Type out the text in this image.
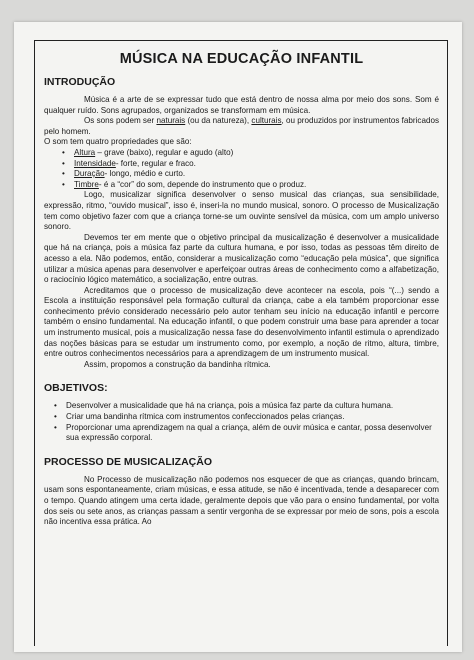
MÚSICA NA EDUCAÇÃO INFANTIL
INTRODUÇÃO

Música é a arte de se expressar tudo que está dentro de nossa alma por meio dos sons. Som é qualquer ruído. Sons agrupados, organizados se transformam em música.

Os sons podem ser naturais (ou da natureza), culturais, ou produzidos por instrumentos fabricados pelo homem.

O som tem quatro propriedades que são:

• Altura – grave (baixo), regular e agudo (alto)
• Intensidade- forte, regular e fraco.
• Duração- longo, médio e curto.
• Timbre- é a “cor” do som, depende do instrumento que o produz.

Logo, musicalizar significa desenvolver o senso musical das crianças, sua sensibilidade, expressão, ritmo, “ouvido musical”, isso é, inseri-la no mundo musical, sonoro. O processo de Musicalização tem como objetivo fazer com que a criança torne-se um ouvinte sensível da música, com um amplo universo sonoro.

Devemos ter em mente que o objetivo principal da musicalização é desenvolver a musicalidade que há na criança, pois a música faz parte da cultura humana, e por isso, todas as pessoas têm direito de acesso a ela. Não podemos, então, considerar a musicalização como “educação pela música”, que significa utilizar a música apenas para desenvolver e aperfeiçoar outras áreas de conhecimento como a alfabetização, o raciocínio lógico matemático, a socialização, entre outras.

Acreditamos que o processo de musicalização deve acontecer na escola, pois “(...) sendo a Escola a instituição responsável pela formação cultural da criança, cabe a ela também proporcionar esse conhecimento prévio considerado necessário pelo autor tenham seu início na educação infantil e percorre também o ensino fundamental. Na educação infantil, o que podem construir uma base para aprender a tocar um instrumento musical, pois a musicalização nessa fase do desenvolvimento infantil estimula o aprendizado das noções básicas para se estudar um instrumento como, por exemplo, a noção de ritmo, altura, timbre, entre outros conhecimentos necessários para a aprendizagem de um instrumento musical.

Assim, propomos a construção da bandinha rítmica.

OBJETIVOS:
• Desenvolver a musicalidade que há na criança, pois a música faz parte da cultura humana.
• Criar uma bandinha rítmica com instrumentos confeccionados pelas crianças.
• Proporcionar uma aprendizagem na qual a criança, além de ouvir música e cantar, possa desenvolver sua expressão corporal.
PROCESSO DE MUSICALIZAÇÃO

No Processo de musicalização não podemos nos esquecer de que as crianças, quando brincam, usam sons espontaneamente, criam músicas, e essa atitude, se não é incentivada, tende a desaparecer com o tempo. Quando atingem uma certa idade, geralmente depois que vão para o ensino fundamental, por volta dos seis ou sete anos, as crianças passam a sentir vergonha de se expressar por meio de sons, pois a escola não incentiva essa prática. Ao
